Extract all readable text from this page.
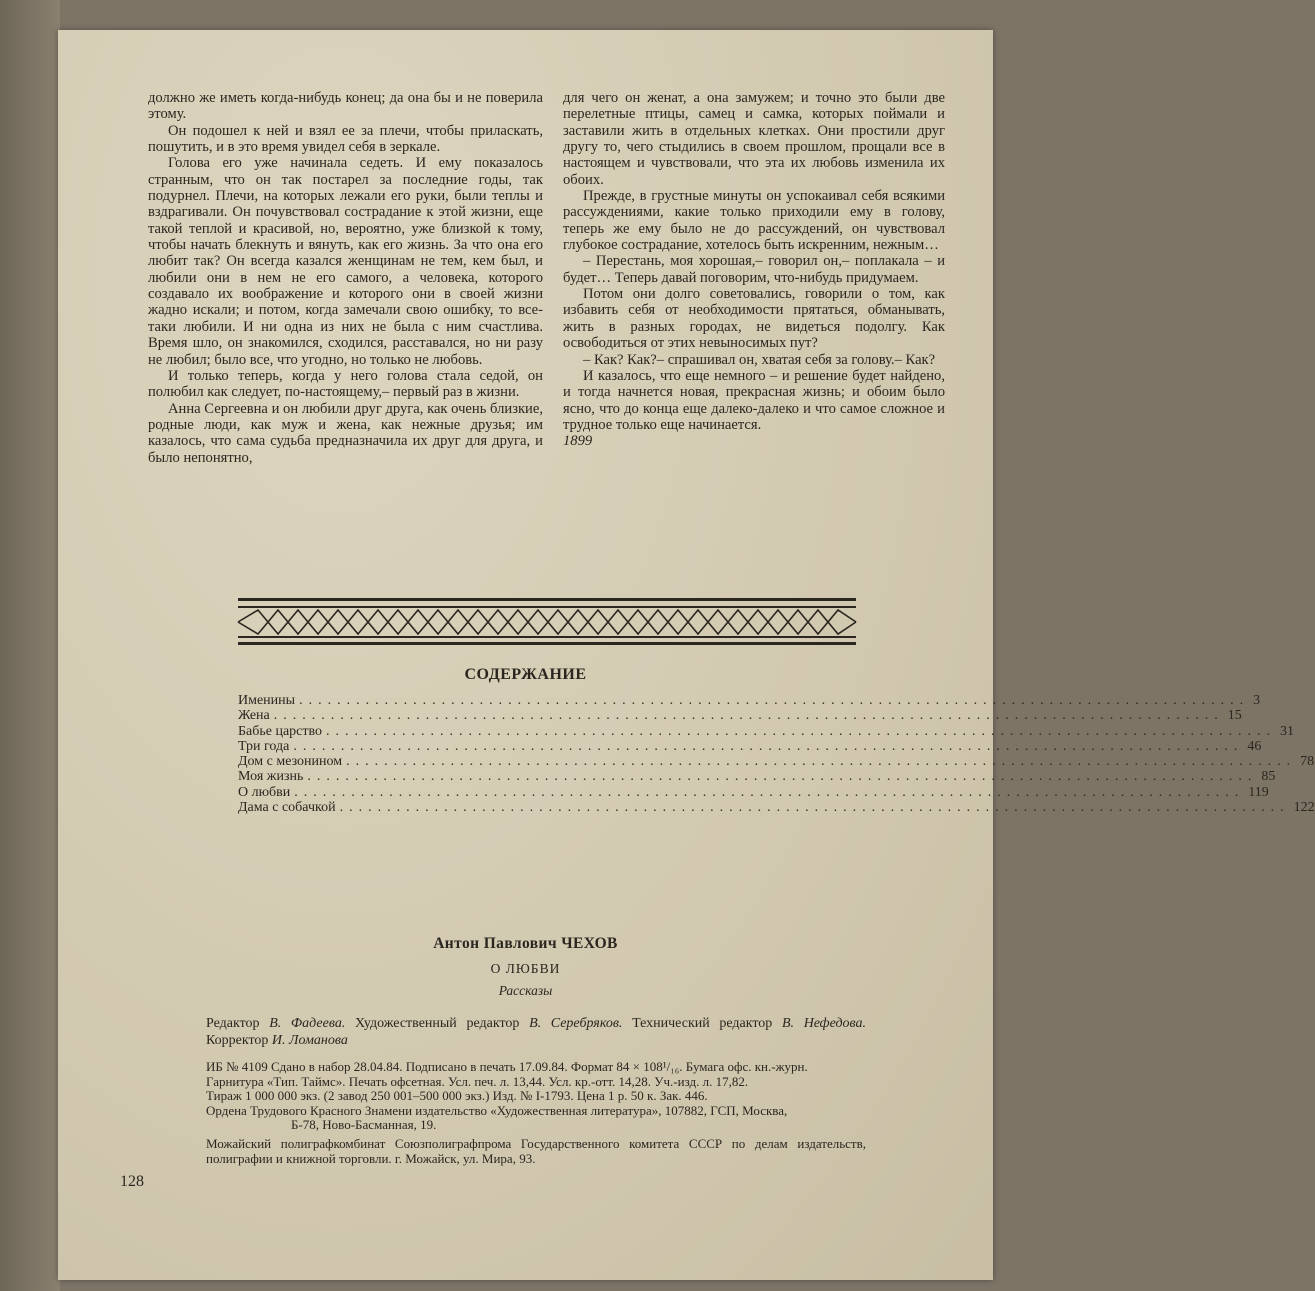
должно же иметь когда-нибудь конец; да она бы и не поверила этому.

Он подошел к ней и взял ее за плечи, чтобы приласкать, пошутить, и в это время увидел себя в зеркале.

Голова его уже начинала седеть. И ему показалось странным, что он так постарел за последние годы, так подурнел. Плечи, на которых лежали его руки, были теплы и вздрагивали. Он почувствовал сострадание к этой жизни, еще такой теплой и красивой, но, вероятно, уже близкой к тому, чтобы начать блекнуть и вянуть, как его жизнь. За что она его любит так? Он всегда казался женщинам не тем, кем был, и любили они в нем не его самого, а человека, которого создавало их воображение и которого они в своей жизни жадно искали; и потом, когда замечали свою ошибку, то все-таки любили. И ни одна из них не была с ним счастлива. Время шло, он знакомился, сходился, расставался, но ни разу не любил; было все, что угодно, но только не любовь.

И только теперь, когда у него голова стала седой, он полюбил как следует, по-настоящему,– первый раз в жизни.

Анна Сергеевна и он любили друг друга, как очень близкие, родные люди, как муж и жена, как нежные друзья; им казалось, что сама судьба предназначила их друг для друга, и было непонятно,

для чего он женат, а она замужем; и точно это были две перелетные птицы, самец и самка, которых поймали и заставили жить в отдельных клетках. Они простили друг другу то, чего стыдились в своем прошлом, прощали все в настоящем и чувствовали, что эта их любовь изменила их обоих.

Прежде, в грустные минуты он успокаивал себя всякими рассуждениями, какие только приходили ему в голову, теперь же ему было не до рассуждений, он чувствовал глубокое сострадание, хотелось быть искренним, нежным…

– Перестань, моя хорошая,– говорил он,– поплакала – и будет… Теперь давай поговорим, что-нибудь придумаем.

Потом они долго советовались, говорили о том, как избавить себя от необходимости прятаться, обманывать, жить в разных городах, не видеться подолгу. Как освободиться от этих невыносимых пут?

– Как? Как?– спрашивал он, хватая себя за голову.– Как?

И казалось, что еще немного – и решение будет найдено, и тогда начнется новая, прекрасная жизнь; и обоим было ясно, что до конца еще далеко-далеко и что самое сложное и трудное только еще начинается.

1899

СОДЕРЖАНИЕ
Именины .................................................................................................... 3
Жена .................................................................................................... 15
Бабье царство .................................................................................................... 31
Три года .................................................................................................... 46
Дом с мезонином .................................................................................................... 78
Моя жизнь .................................................................................................... 85
О любви .................................................................................................... 119
Дама с собачкой .................................................................................................... 122
Антон Павлович ЧЕХОВ
О ЛЮБВИ
Рассказы
Редактор В. Фадеева. Художественный редактор В. Серебряков. Технический редактор В. Нефедова. Корректор И. Ломанова
ИБ № 4109 Сдано в набор 28.04.84. Подписано в печать 17.09.84. Формат 84 × 108¹/₁₆. Бумага офс. кн.-журн.
Гарнитура «Тип. Таймс». Печать офсетная. Усл. печ. л. 13,44. Усл. кр.-отт. 14,28. Уч.-изд. л. 17,82.
Тираж 1 000 000 экз. (2 завод 250 001–500 000 экз.) Изд. № I-1793. Цена 1 р. 50 к. Зак. 446.
Ордена Трудового Красного Знамени издательство «Художественная литература», 107882, ГСП, Москва,
Б-78, Ново-Басманная, 19.
Можайский полиграфкомбинат Союзполиграфпрома Государственного комитета СССР по делам издательств, полиграфии и книжной торговли. г. Можайск, ул. Мира, 93.
128
